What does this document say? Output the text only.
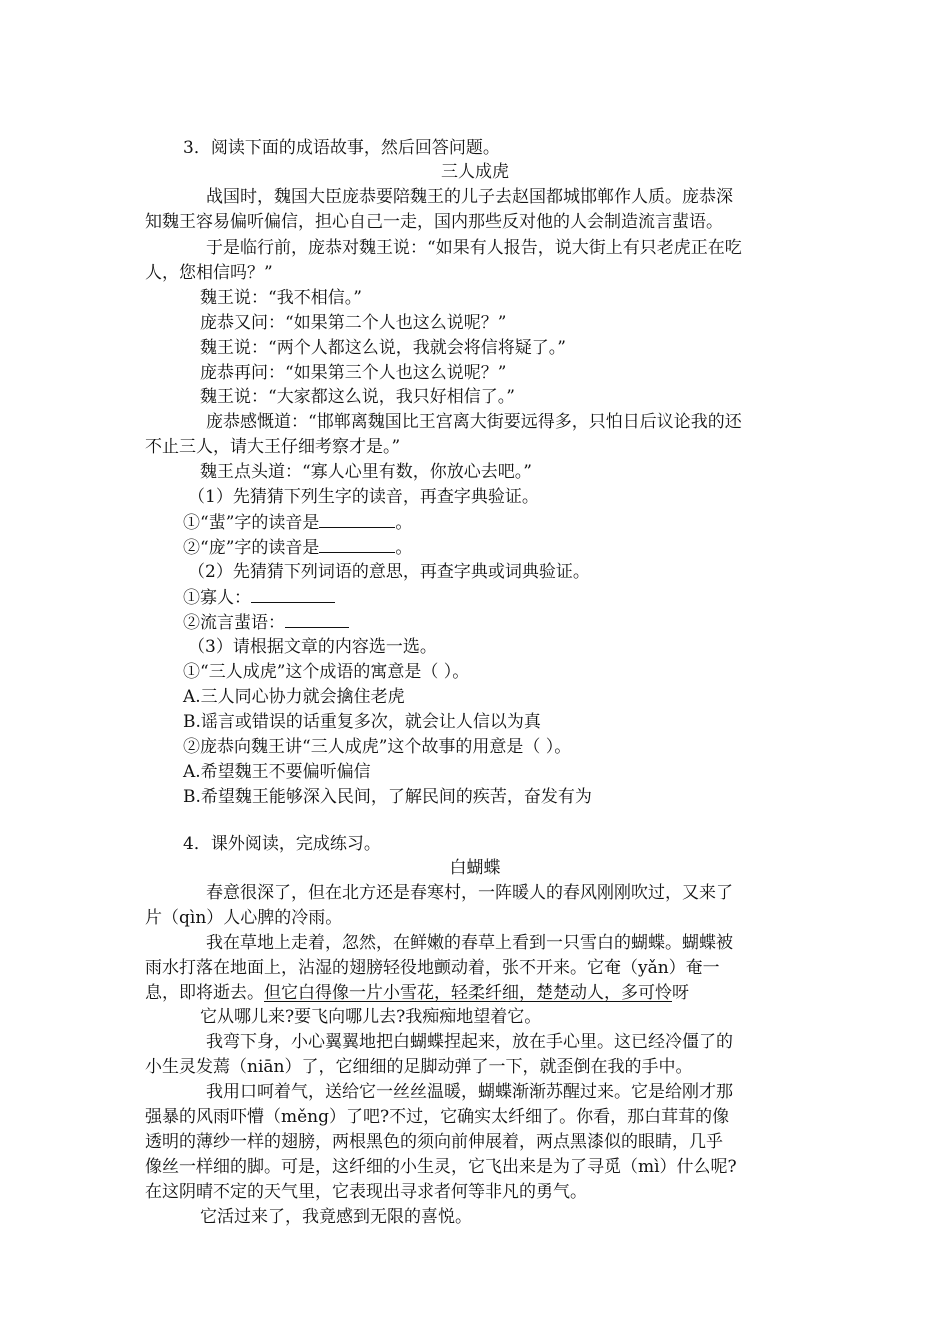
3．阅读下面的成语故事，然后回答问题。
三人成虎
战国时，魏国大臣庞恭要陪魏王的儿子去赵国都城邯郸作人质。庞恭深
知魏王容易偏听偏信，担心自己一走，国内那些反对他的人会制造流言蜚语。
于是临行前，庞恭对魏王说：“如果有人报告，说大街上有只老虎正在吃
人，您相信吗？”
魏王说：“我不相信。”
庞恭又问：“如果第二个人也这么说呢？”
魏王说：“两个人都这么说，我就会将信将疑了。”
庞恭再问：“如果第三个人也这么说呢？”
魏王说：“大家都这么说，我只好相信了。”
庞恭感慨道：“邯郸离魏国比王宫离大街要远得多，只怕日后议论我的还
不止三人，请大王仔细考察才是。”
魏王点头道：“寡人心里有数，你放心去吧。”
（1）先猜猜下列生字的读音，再查字典验证。
①“蜚”字的读音是	。
②“庞”字的读音是	。
（2）先猜猜下列词语的意思，再查字典或词典验证。
①寡人：
②流言蜚语：
（3）请根据文章的内容选一选。
①“三人成虎”这个成语的寓意是（ ）。
A.三人同心协力就会擒住老虎
B.谣言或错误的话重复多次，就会让人信以为真
②庞恭向魏王讲“三人成虎”这个故事的用意是（ ）。
A.希望魏王不要偏听偏信
B.希望魏王能够深入民间，了解民间的疾苦，奋发有为
4．课外阅读，完成练习。
白蝴蝶
春意很深了，但在北方还是春寒村，一阵暖人的春风刚刚吹过，又来了
片（qìn）人心脾的冷雨。
我在草地上走着，忽然，在鲜嫩的春草上看到一只雪白的蝴蝶。蝴蝶被
雨水打落在地面上，沾湿的翅膀轻役地颤动着，张不开来。它奄（yǎn）奄一
息，即将逝去。但它白得像一片小雪花，轻柔纤细，楚楚动人，多可怜呀
它从哪儿来?要飞向哪儿去?我痴痴地望着它。
我弯下身，小心翼翼地把白蝴蝶捏起来，放在手心里。这已经冷僵了的
小生灵发蔫（niān）了，它细细的足脚动弹了一下，就歪倒在我的手中。
我用口呵着气，送给它一丝丝温暖，蝴蝶渐渐苏醒过来。它是给刚才那
强暴的风雨吓懵（měng）了吧?不过，它确实太纤细了。你看，那白茸茸的像
透明的薄纱一样的翅膀，两根黑色的须向前伸展着，两点黑漆似的眼睛，几乎
像丝一样细的脚。可是，这纤细的小生灵，它飞出来是为了寻觅（mì）什么呢?
在这阴晴不定的天气里，它表现出寻求者何等非凡的勇气。
它活过来了，我竟感到无限的喜悦。
